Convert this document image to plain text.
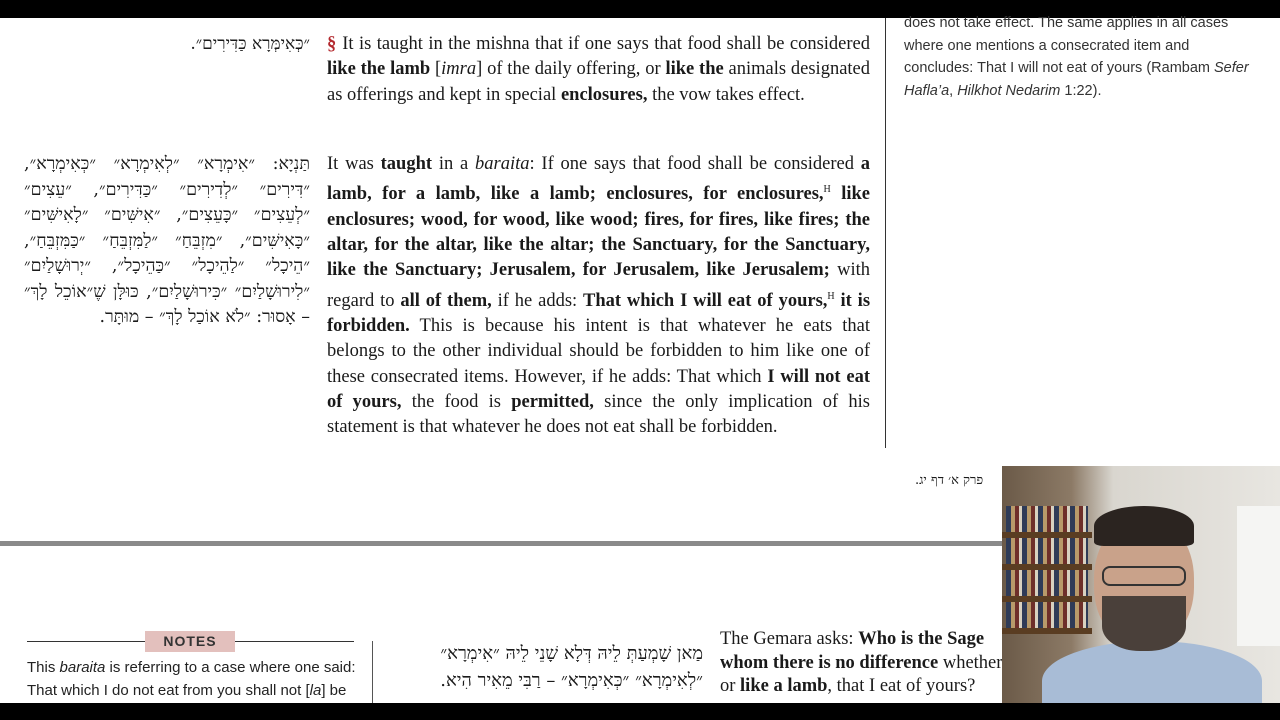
״כְּאִימְּרָא כַּדִּירִים״. § It is taught in the mishna that if one says that food shall be considered like the lamb [imra] of the daily offering, or like the animals designated as offerings and kept in special enclosures, the vow takes effect.
תַּנְיָא: ״אִימְרָא״ ״לְאִימְרָא״ ״כְּאִימְרָא״, ״דִּירִים״ ״לְדִירִים״ ״כַּדִּירִים״, ״עֵצִים״ ״לְעֵצִים״ ״כָּעֵצִים״, ״אִישִּׁים״ ״לָאִישִּׁים״ ״כָּאִישִּׁים״, ״מִזְבֵּחַ״ ״לַמִּזְבֵּחַ״ ״כַּמִּזְבֵּחַ״, ״הֵיכָל״ ״לַהֵיכָל״ ״כַּהֵיכָל״, ״יְרוּשָׁלַיִם״ ״לִירוּשָׁלַיִם״ ״כִּירוּשָׁלַיִם״, כּוּלָּן שֶׁ״אוֹכֵל לָךְ״ – אָסוּר: ״לֹא אוֹכַל לָךְ״ – מוּתָּר.
It was taught in a baraita: If one says that food shall be considered a lamb, for a lamb, like a lamb; enclosures, for enclosures,$^H$ like enclosures; wood, for wood, like wood; fires, for fires, like fires; the altar, for the altar, like the altar; the Sanctuary, for the Sanctuary, like the Sanctuary; Jerusalem, for Jerusalem, like Jerusalem; with regard to all of them, if he adds: That which I will eat of yours,$^H$ it is forbidden. This is because his intent is that whatever he eats that belongs to the other individual should be forbidden to him like one of these consecrated items. However, if he adds: That which I will not eat of yours, the food is permitted, since the only implication of his statement is that whatever he does not eat shall be forbidden.
does not take effect. The same applies in all cases where one mentions a consecrated item and concludes: That I will not eat of yours (Rambam Sefer Hafla’a, Hilkhot Nedarim 1:22).
פרק א׳ דף יג.
NOTES
This baraita is referring to a case where one said: That which I do not eat from you shall not [la] be
מַאן שָׁמְעַתְּ לֵיהּ דְּלָא שָׁנֵי לֵיהּ ״אִימְרָא״ ״לְאִימְרָא״ ״כְּאִימְרָא״ – רַבִּי מֵאִיר הִיא.
The Gemara asks: Who is the Sage
whom there is no difference whether
or like a lamb, that I eat of yours?
